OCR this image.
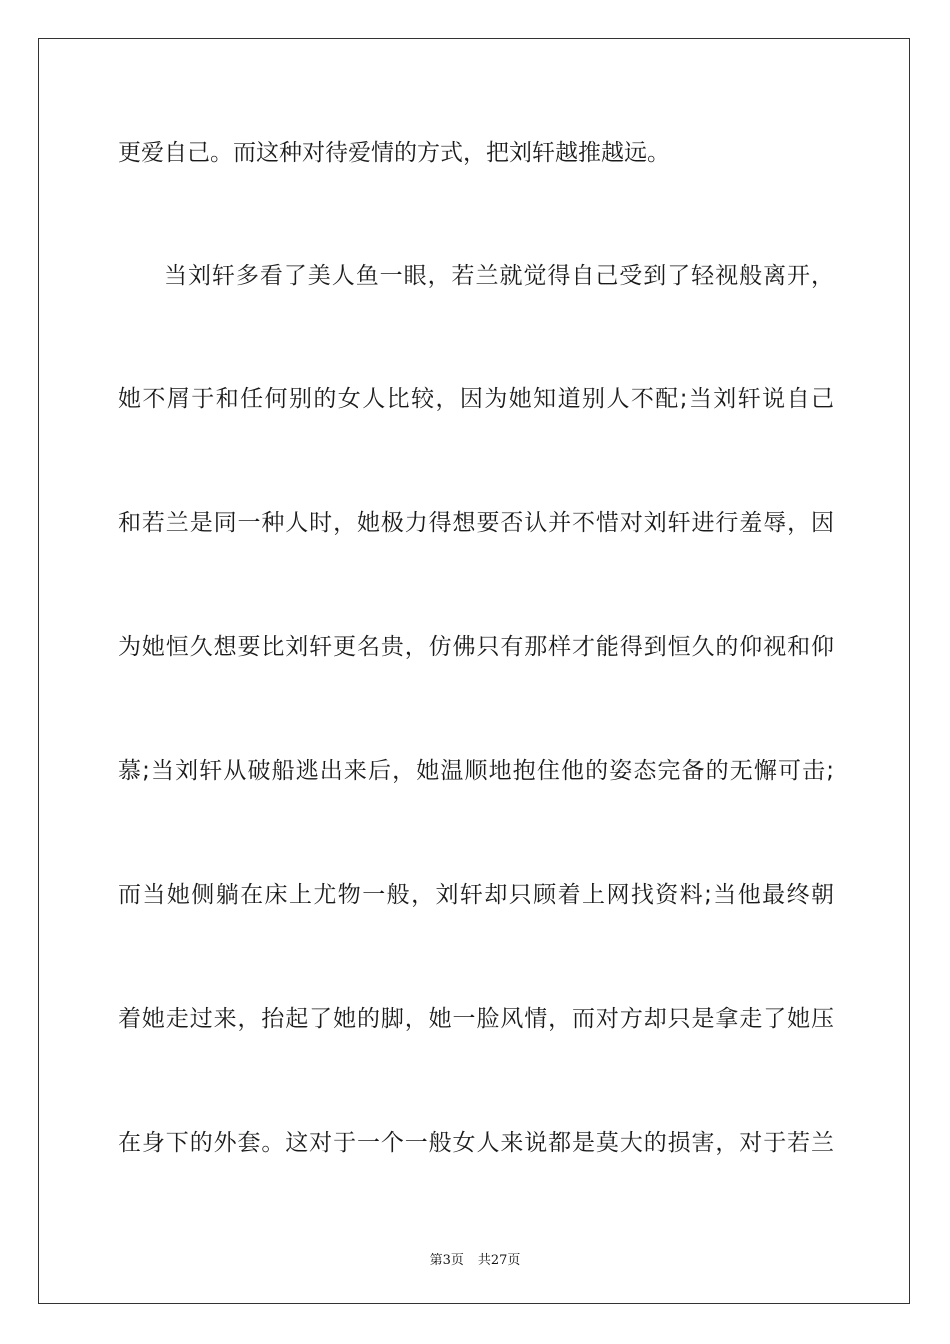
更爱自己。而这种对待爱情的方式，把刘轩越推越远。
当刘轩多看了美人鱼一眼，若兰就觉得自己受到了轻视般离开，
她不屑于和任何别的女人比较，因为她知道别人不配;当刘轩说自己
和若兰是同一种人时，她极力得想要否认并不惜对刘轩进行羞辱，因
为她恒久想要比刘轩更名贵，仿佛只有那样才能得到恒久的仰视和仰
慕;当刘轩从破船逃出来后，她温顺地抱住他的姿态完备的无懈可击;
而当她侧躺在床上尤物一般，刘轩却只顾着上网找资料;当他最终朝
着她走过来，抬起了她的脚，她一脸风情，而对方却只是拿走了她压
在身下的外套。这对于一个一般女人来说都是莫大的损害，对于若兰
第3页 共27页
